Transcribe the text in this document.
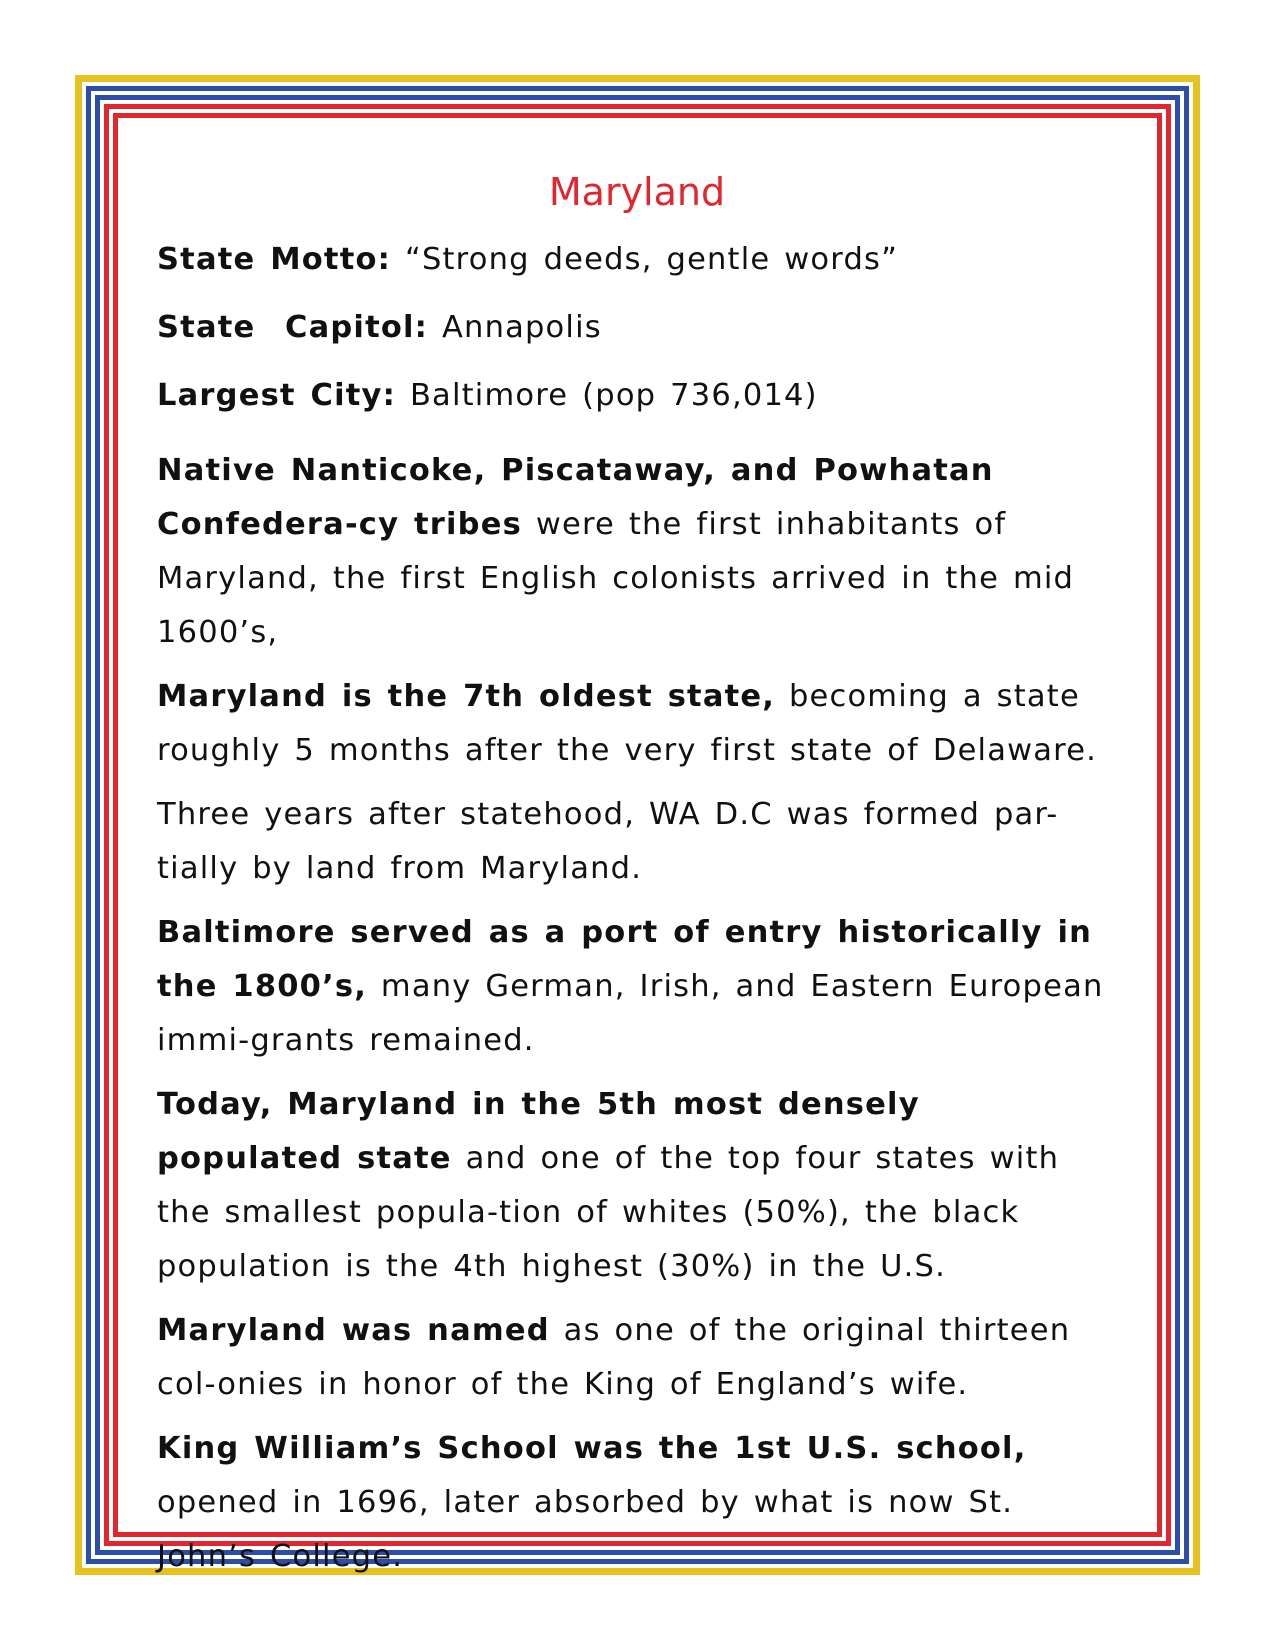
Maryland
State Motto: “Strong deeds, gentle words”
State  Capitol: Annapolis
Largest City: Baltimore (pop 736,014)

Native Nanticoke, Piscataway, and Powhatan Confedera-cy tribes were the first inhabitants of Maryland, the first English colonists arrived in the mid 1600’s,

Maryland is the 7th oldest state, becoming a state roughly 5 months after the very first state of Delaware.

Three years after statehood, WA D.C was formed par-tially by land from Maryland.

Baltimore served as a port of entry historically in the 1800’s, many German, Irish, and Eastern European immi-grants remained.

Today, Maryland in the 5th most densely populated state and one of the top four states with the smallest popula-tion of whites (50%), the black population is the 4th highest (30%) in the U.S.

Maryland was named as one of the original thirteen col-onies in honor of the King of England’s wife.

King William’s School was the 1st U.S. school, opened in 1696, later absorbed by what is now St. John’s College.
